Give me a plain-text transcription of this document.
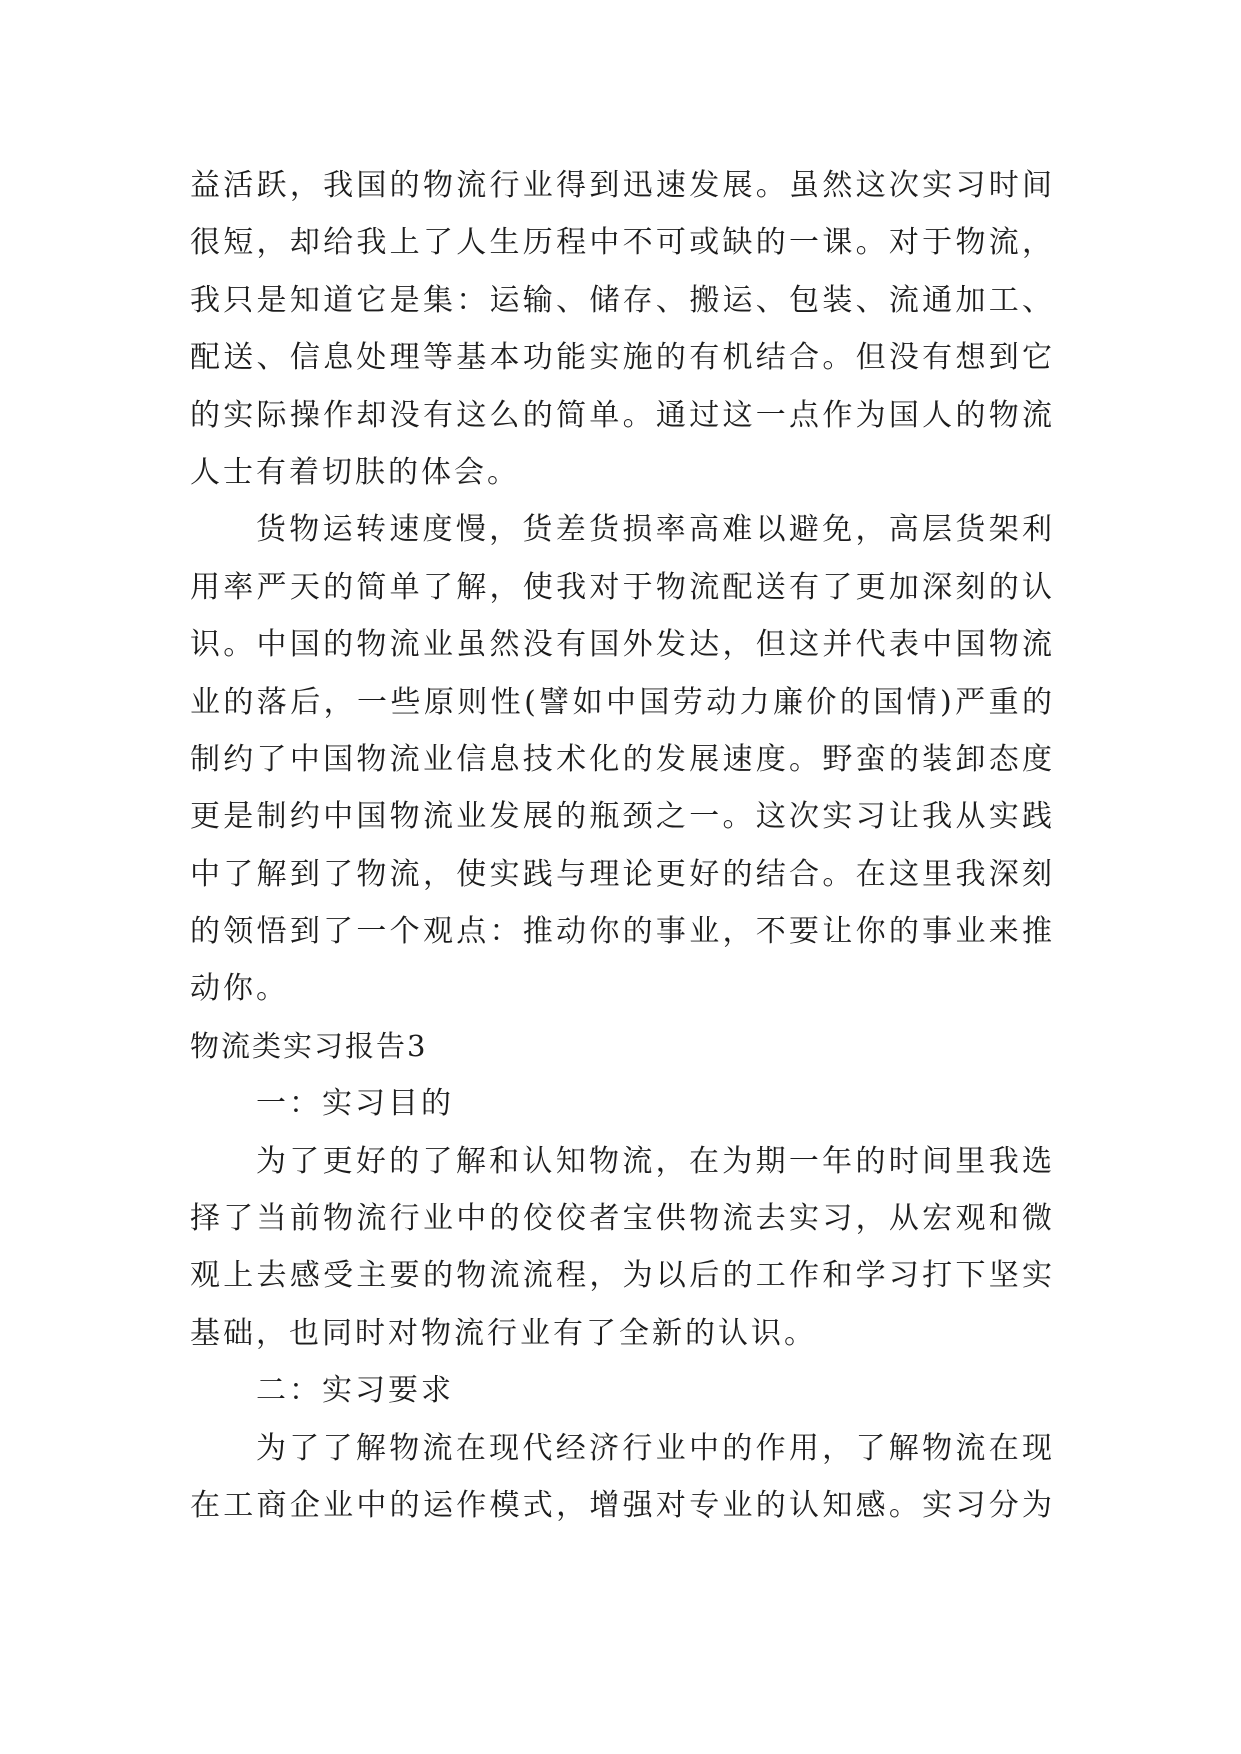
益活跃，我国的物流行业得到迅速发展。虽然这次实习时间
很短，却给我上了人生历程中不可或缺的一课。对于物流，
我只是知道它是集：运输、储存、搬运、包装、流通加工、
配送、信息处理等基本功能实施的有机结合。但没有想到它
的实际操作却没有这么的简单。通过这一点作为国人的物流
人士有着切肤的体会。
货物运转速度慢，货差货损率高难以避免，高层货架利
用率严天的简单了解，使我对于物流配送有了更加深刻的认
识。中国的物流业虽然没有国外发达，但这并代表中国物流
业的落后，一些原则性(譬如中国劳动力廉价的国情)严重的
制约了中国物流业信息技术化的发展速度。野蛮的装卸态度
更是制约中国物流业发展的瓶颈之一。这次实习让我从实践
中了解到了物流，使实践与理论更好的结合。在这里我深刻
的领悟到了一个观点：推动你的事业，不要让你的事业来推
动你。
物流类实习报告3
一：实习目的
为了更好的了解和认知物流，在为期一年的时间里我选
择了当前物流行业中的佼佼者宝供物流去实习，从宏观和微
观上去感受主要的物流流程，为以后的工作和学习打下坚实
基础，也同时对物流行业有了全新的认识。
二：实习要求
为了了解物流在现代经济行业中的作用，了解物流在现
在工商企业中的运作模式，增强对专业的认知感。实习分为
